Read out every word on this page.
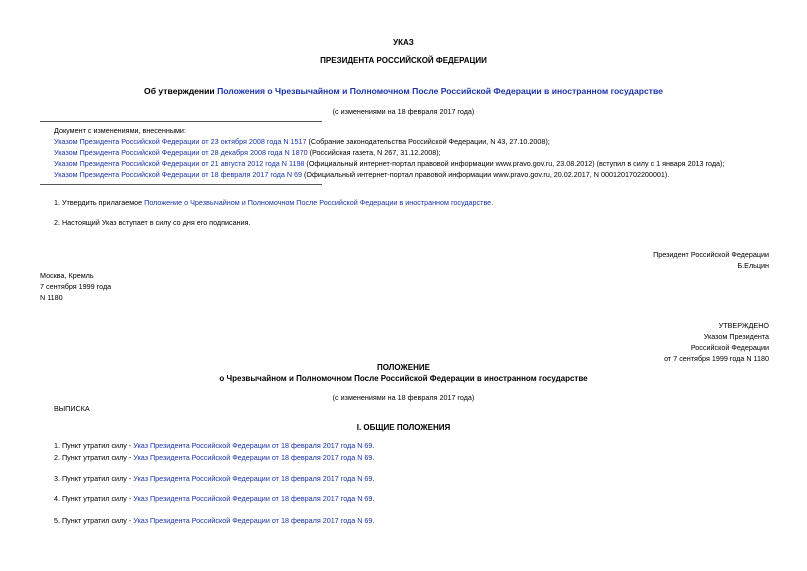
УКАЗ
ПРЕЗИДЕНТА РОССИЙСКОЙ ФЕДЕРАЦИИ
Об утверждении Положения о Чрезвычайном и Полномочном После Российской Федерации в иностранном государстве
(с изменениями на 18 февраля 2017 года)
Документ с изменениями, внесенными:
Указом Президента Российской Федерации от 23 октября 2008 года N 1517 (Собрание законодательства Российской Федерации, N 43, 27.10.2008);
Указом Президента Российской Федерации от 28 декабря 2008 года N 1870 (Российская газета, N 267, 31.12.2008);
Указом Президента Российской Федерации от 21 августа 2012 года N 1198 (Официальный интернет-портал правовой информации www.pravo.gov.ru, 23.08.2012) (вступил в силу с 1 января 2013 года);
Указом Президента Российской Федерации от 18 февраля 2017 года N 69 (Официальный интернет-портал правовой информации www.pravo.gov.ru, 20.02.2017, N 0001201702200001).
1. Утвердить прилагаемое Положение о Чрезвычайном и Полномочном После Российской Федерации в иностранном государстве.
2. Настоящий Указ вступает в силу со дня его подписания.
Президент Российской Федерации
Б.Ельцин
Москва, Кремль
7 сентября 1999 года
N 1180
УТВЕРЖДЕНО
Указом Президента
Российской Федерации
от 7 сентября 1999 года N 1180
ПОЛОЖЕНИЕ
о Чрезвычайном и Полномочном После Российской Федерации в иностранном государстве
(с изменениями на 18 февраля 2017 года)
ВЫПИСКА
I. ОБЩИЕ ПОЛОЖЕНИЯ
1. Пункт утратил силу - Указ Президента Российской Федерации от 18 февраля 2017 года N 69.
2. Пункт утратил силу - Указ Президента Российской Федерации от 18 февраля 2017 года N 69.
3. Пункт утратил силу - Указ Президента Российской Федерации от 18 февраля 2017 года N 69.
4. Пункт утратил силу - Указ Президента Российской Федерации от 18 февраля 2017 года N 69.
5. Пункт утратил силу - Указ Президента Российской Федерации от 18 февраля 2017 года N 69.
